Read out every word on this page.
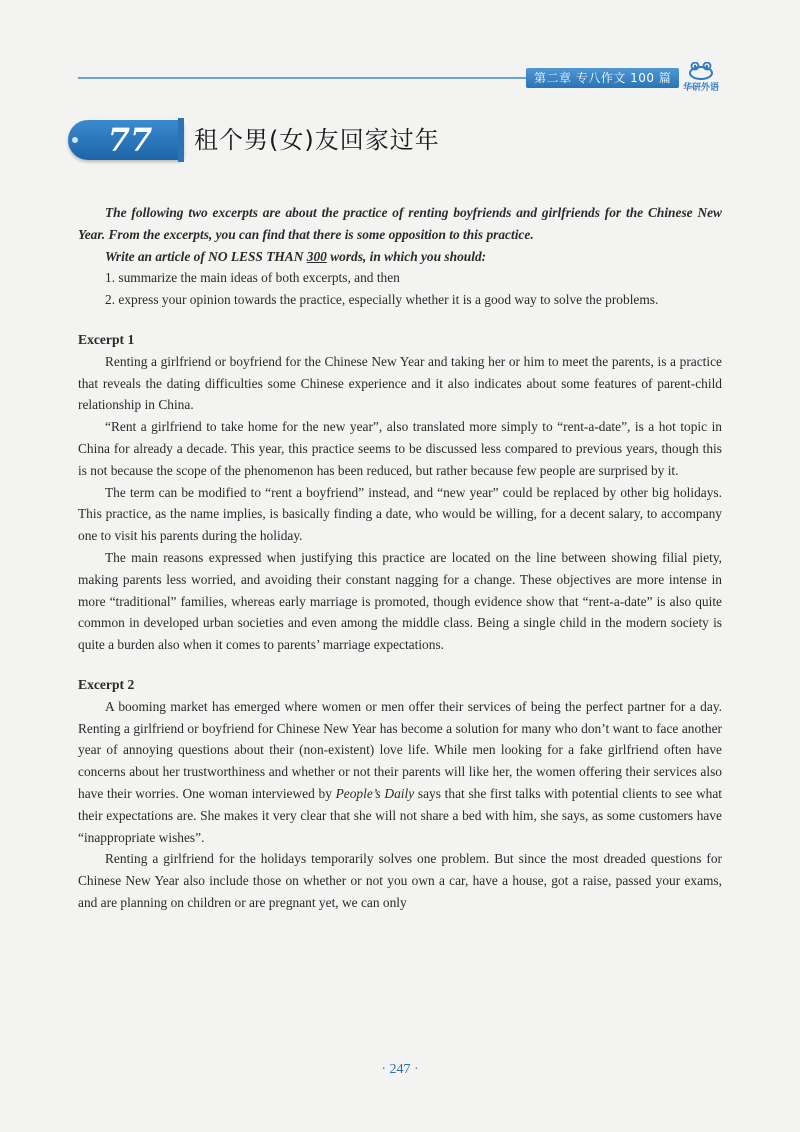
第二章 专八作文 100 篇
华研外语
77	租个男(女)友回家过年

The following two excerpts are about the practice of renting boyfriends and girlfriends for the Chinese New Year. From the excerpts, you can find that there is some opposition to this practice.

Write an article of NO LESS THAN 300 words, in which you should:

1. summarize the main ideas of both excerpts, and then

2. express your opinion towards the practice, especially whether it is a good way to solve the problems.

Excerpt 1

Renting a girlfriend or boyfriend for the Chinese New Year and taking her or him to meet the parents, is a practice that reveals the dating difficulties some Chinese experience and it also indicates about some features of parent-child relationship in China.

“Rent a girlfriend to take home for the new year”, also translated more simply to “rent-a-date”, is a hot topic in China for already a decade. This year, this practice seems to be discussed less compared to previous years, though this is not because the scope of the phenomenon has been reduced, but rather because few people are surprised by it.

The term can be modified to “rent a boyfriend” instead, and “new year” could be replaced by other big holidays. This practice, as the name implies, is basically finding a date, who would be willing, for a decent salary, to accompany one to visit his parents during the holiday.

The main reasons expressed when justifying this practice are located on the line between showing filial piety, making parents less worried, and avoiding their constant nagging for a change. These objectives are more intense in more “traditional” families, whereas early marriage is promoted, though evidence show that “rent-a-date” is also quite common in developed urban societies and even among the middle class. Being a single child in the modern society is quite a burden also when it comes to parents’ marriage expectations.

Excerpt 2

A booming market has emerged where women or men offer their services of being the perfect partner for a day. Renting a girlfriend or boyfriend for Chinese New Year has become a solution for many who don’t want to face another year of annoying questions about their (non-existent) love life. While men looking for a fake girlfriend often have concerns about her trustworthiness and whether or not their parents will like her, the women offering their services also have their worries. One woman interviewed by People’s Daily says that she first talks with potential clients to see what their expectations are. She makes it very clear that she will not share a bed with him, she says, as some customers have “inappropriate wishes”.

Renting a girlfriend for the holidays temporarily solves one problem. But since the most dreaded questions for Chinese New Year also include those on whether or not you own a car, have a house, got a raise, passed your exams, and are planning on children or are pregnant yet, we can only

· 247 ·
